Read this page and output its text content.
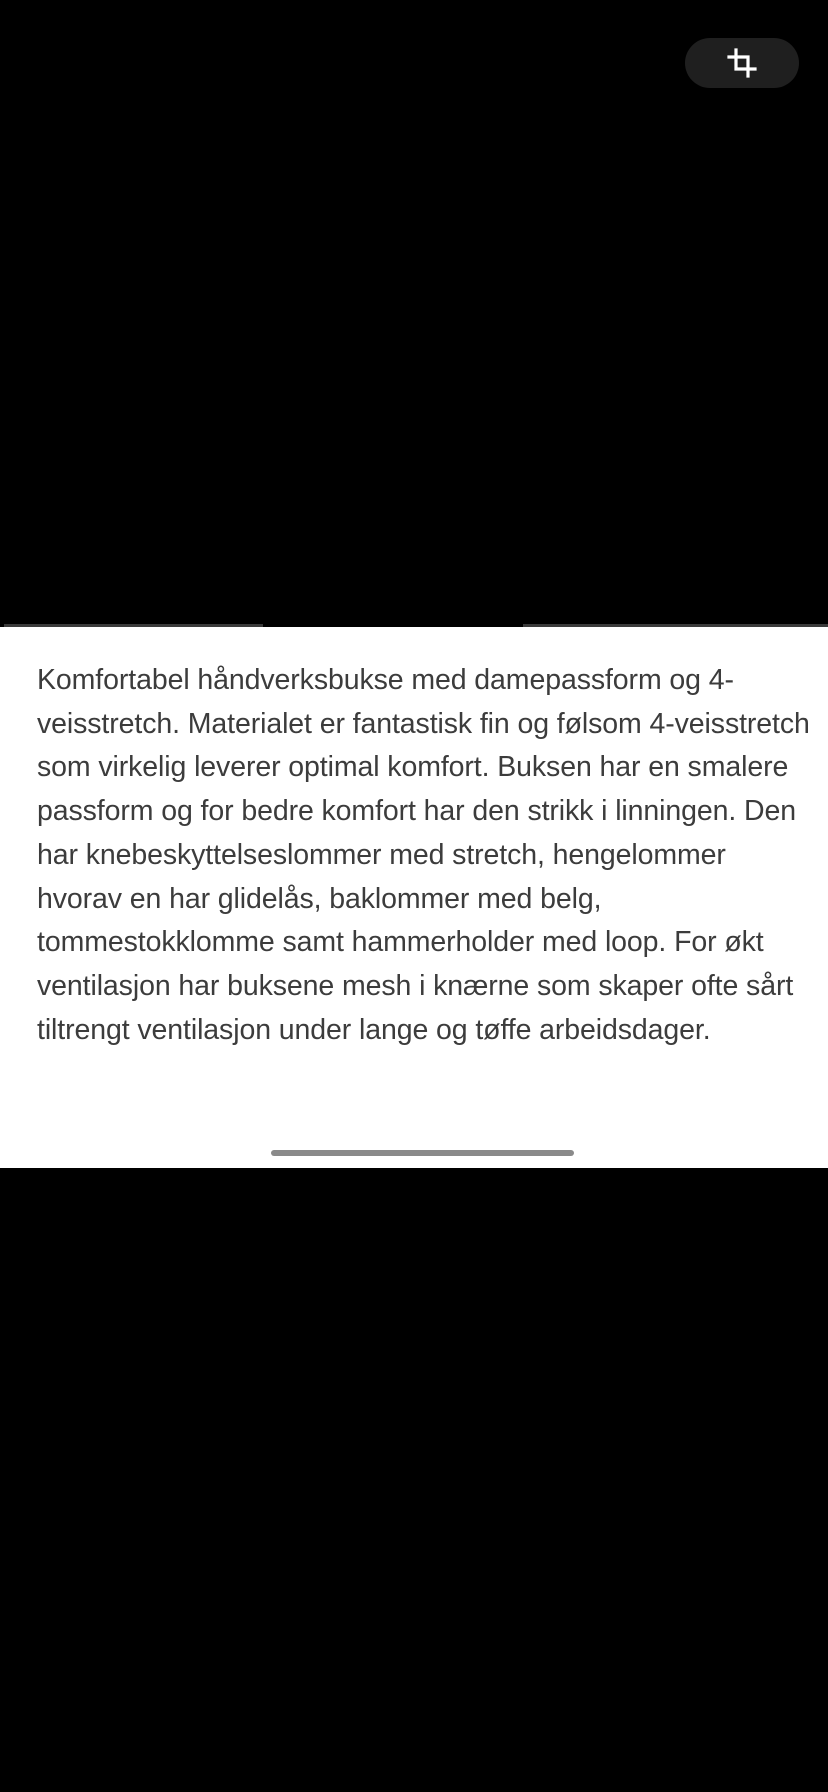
Komfortabel håndverksbukse med damepassform og 4-veisstretch. Materialet er fantastisk fin og følsom 4-veisstretch som virkelig leverer optimal komfort. Buksen har en smalere passform og for bedre komfort har den strikk i linningen. Den har knebeskyttelseslommer med stretch, hengelommer hvorav en har glidelås, baklommer med belg, tommestokklomme samt hammerholder med loop. For økt ventilasjon har buksene mesh i knærne som skaper ofte sårt tiltrengt ventilasjon under lange og tøffe arbeidsdager.
